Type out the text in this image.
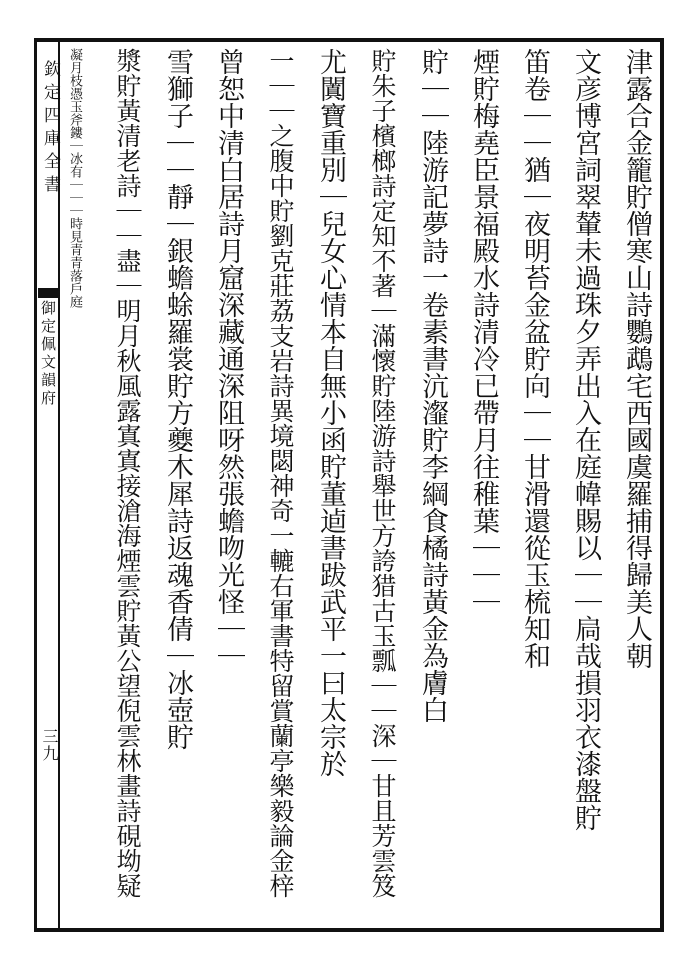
欽定四庫全書
御定佩文韻府
三九
津露合金籠貯僧寒山詩鸚鵡宅西國虞羅捕得歸美人朝
文彦博宮詞翠輦未過珠夕弄出入在庭幃賜以｜｜扃哉損羽衣漆盤貯
笛卷｜｜猶｜夜明苔金盆貯向｜｜甘滑還從玉梳知和
煙貯梅堯臣景福殿水詩清冷已帶月往稚葉｜｜｜
貯｜｜陸游記夢詩一卷素書沆瀣貯李綱食橘詩黃金為膚白
貯朱子檳榔詩定知不著｜滿懷貯陸游詩舉世方誇猎古玉瓢｜｜深｜甘且芳雲笈
尤闐寶重別｜兒女心情本自無小函貯董逌書跋武平一曰太宗於
一｜｜之腹中貯劉克莊荔支岩詩異境閟神奇一轆右軍書特留賞蘭亭樂毅論金梓
曾恕中清白居詩月窟深藏通深阻呀然張蟾吻光怪｜｜
雪獅子｜｜靜｜銀蟾蜍羅裳貯方夔木犀詩返魂香倩｜冰壺貯
漿貯黃清老詩｜｜盡｜明月秋風露寘寘接滄海煙雲貯黃公望倪雲林畫詩硯坳疑
凝月枝憑玉斧鏤｜冰有｜｜｜時見青青落戶庭
